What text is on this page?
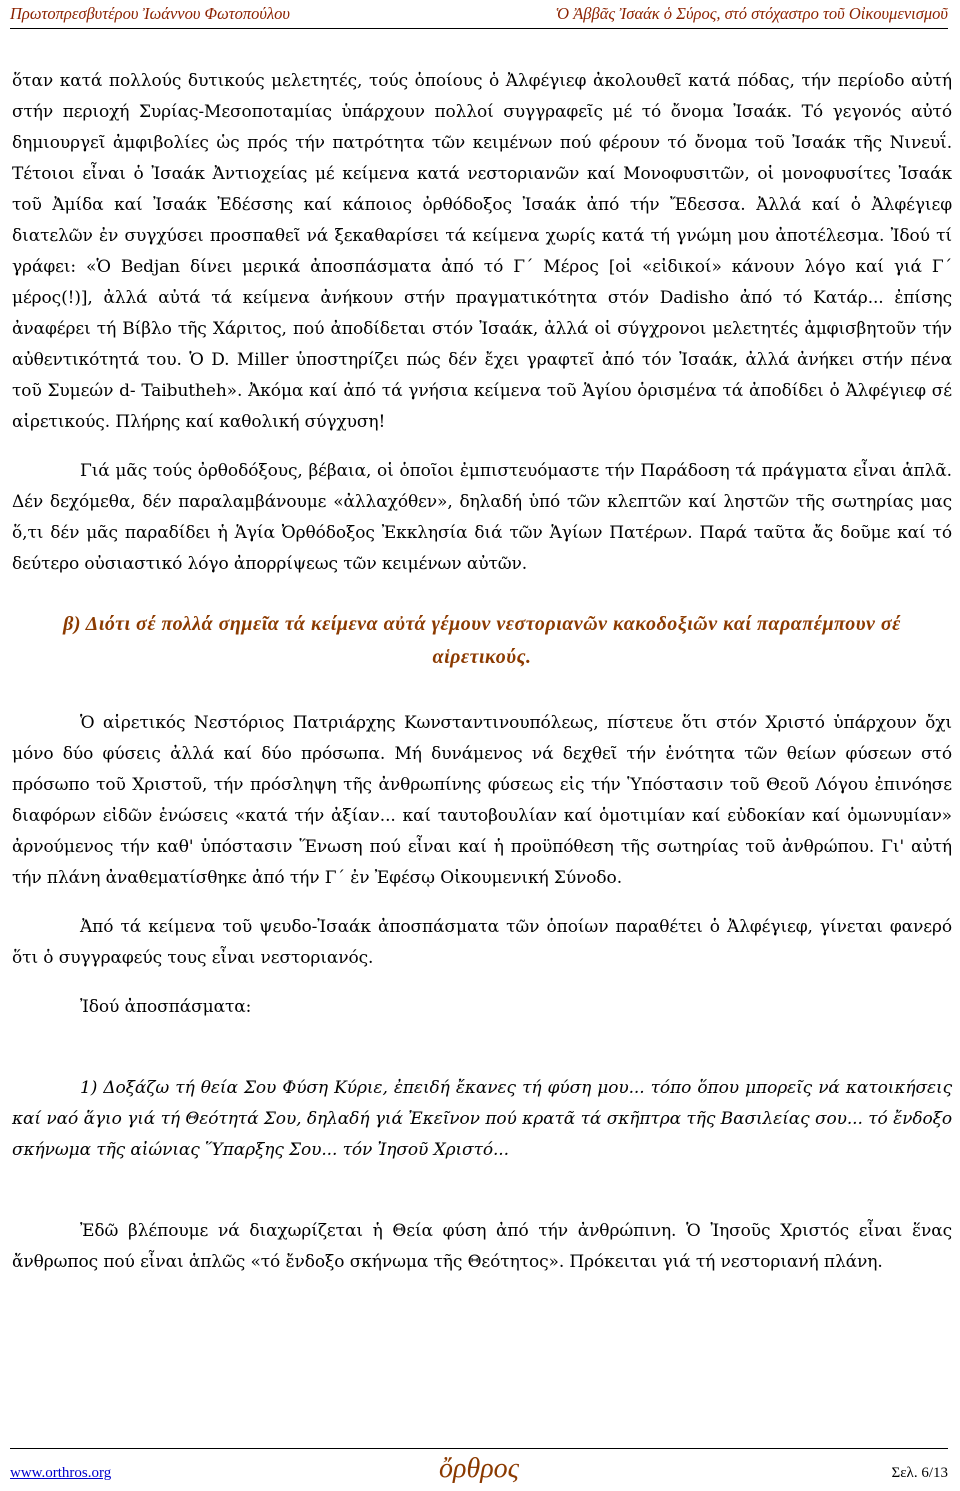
Πρωτοπρεσβυτέρου Ἰωάννου Φωτοπούλου	Ὁ Ἀββᾶς Ἰσαάκ ὁ Σύρος, στό στόχαστρο τοῦ Οἰκουμενισμοῦ

ὅταν κατά πολλούς δυτικούς μελετητές, τούς ὁποίους ὁ Ἀλφέγιεφ ἀκολουθεῖ κατά πόδας, τήν περίοδο αὐτή στήν περιοχή Συρίας-Μεσοποταμίας ὑπάρχουν πολλοί συγγραφεῖς μέ τό ὄνομα Ἰσαάκ. Τό γεγονός αὐτό δημιουργεῖ ἀμφιβολίες ὡς πρός τήν πατρότητα τῶν κειμένων πού φέρουν τό ὄνομα τοῦ Ἰσαάκ τῆς Νινευΐ. Τέτοιοι εἶναι ὁ Ἰσαάκ Ἀντιοχείας μέ κείμενα κατά νεστοριανῶν καί Μονοφυσιτῶν, οἱ μονοφυσίτες Ἰσαάκ τοῦ Ἀμίδα καί Ἰσαάκ Ἐδέσσης καί κάποιος ὀρθόδοξος Ἰσαάκ ἀπό τήν Ἔδεσσα. Ἀλλά καί ὁ Ἀλφέγιεφ διατελῶν ἐν συγχύσει προσπαθεῖ νά ξεκαθαρίσει τά κείμενα χωρίς κατά τή γνώμη μου ἀποτέλεσμα. Ἰδού τί γράφει: «Ὁ Bedjan δίνει μερικά ἀποσπάσματα ἀπό τό Γ΄ Μέρος [οἱ «εἰδικοί» κάνουν λόγο καί γιά Γ΄ μέρος(!)], ἀλλά αὐτά τά κείμενα ἀνήκουν στήν πραγματικότητα στόν Dadisho ἀπό τό Κατάρ... ἐπίσης ἀναφέρει τή Βίβλο τῆς Χάριτος, πού ἀποδίδεται στόν Ἰσαάκ, ἀλλά οἱ σύγχρονοι μελετητές ἀμφισβητοῦν τήν αὐθεντικότητά του. Ὁ D. Miller ὑποστηρίζει πώς δέν ἔχει γραφτεῖ ἀπό τόν Ἰσαάκ, ἀλλά ἀνήκει στήν πένα τοῦ Συμεών d- Taibutheh». Ἀκόμα καί ἀπό τά γνήσια κείμενα τοῦ Ἁγίου ὁρισμένα τά ἀποδίδει ὁ Ἀλφέγιεφ σέ αἱρετικούς. Πλήρης καί καθολική σύγχυση!

Γιά μᾶς τούς ὀρθοδόξους, βέβαια, οἱ ὁποῖοι ἐμπιστευόμαστε τήν Παράδοση τά πράγματα εἶναι ἁπλᾶ. Δέν δεχόμεθα, δέν παραλαμβάνουμε «ἀλλαχόθεν», δηλαδή ὑπό τῶν κλεπτῶν καί ληστῶν τῆς σωτηρίας μας ὅ,τι δέν μᾶς παραδίδει ἡ Ἁγία Ὀρθόδοξος Ἐκκλησία διά τῶν Ἁγίων Πατέρων. Παρά ταῦτα ἄς δοῦμε καί τό δεύτερο οὐσιαστικό λόγο ἀπορρίψεως τῶν κειμένων αὐτῶν.

β) Διότι σέ πολλά σημεῖα τά κείμενα αὐτά γέμουν νεστοριανῶν κακοδοξιῶν καί παραπέμπουν σέ αἱρετικούς.

Ὁ αἱρετικός Νεστόριος Πατριάρχης Κωνσταντινουπόλεως, πίστευε ὅτι στόν Χριστό ὑπάρχουν ὄχι μόνο δύο φύσεις ἀλλά καί δύο πρόσωπα. Μή δυνάμενος νά δεχθεῖ τήν ἑνότητα τῶν θείων φύσεων στό πρόσωπο τοῦ Χριστοῦ, τήν πρόσληψη τῆς ἀνθρωπίνης φύσεως εἰς τήν Ὑπόστασιν τοῦ Θεοῦ Λόγου ἐπινόησε διαφόρων εἰδῶν ἑνώσεις «κατά τήν ἀξίαν... καί ταυτοβουλίαν καί ὁμοτιμίαν καί εὐδοκίαν καί ὁμωνυμίαν» ἀρνούμενος τήν καθ' ὑπόστασιν Ἕνωση πού εἶναι καί ἡ προϋπόθεση τῆς σωτηρίας τοῦ ἀνθρώπου. Γι' αὐτή τήν πλάνη ἀναθεματίσθηκε ἀπό τήν Γ΄ ἐν Ἐφέσῳ Οἰκουμενική Σύνοδο.

Ἀπό τά κείμενα τοῦ ψευδο-Ἰσαάκ ἀποσπάσματα τῶν ὁποίων παραθέτει ὁ Ἀλφέγιεφ, γίνεται φανερό ὅτι ὁ συγγραφεύς τους εἶναι νεστοριανός.

Ἰδού ἀποσπάσματα:

1) Δοξάζω τή θεία Σου Φύση Κύριε, ἐπειδή ἔκανες τή φύση μου... τόπο ὅπου μπορεῖς νά κατοικήσεις καί ναό ἅγιο γιά τή Θεότητά Σου, δηλαδή γιά Ἐκεῖνον πού κρατᾶ τά σκῆπτρα τῆς Βασιλείας σου... τό ἔνδοξο σκήνωμα τῆς αἰώνιας Ὕπαρξης Σου... τόν Ἰησοῦ Χριστό...

Ἐδῶ βλέπουμε νά διαχωρίζεται ἡ Θεία φύση ἀπό τήν ἀνθρώπινη. Ὁ Ἰησοῦς Χριστός εἶναι ἕνας ἄνθρωπος πού εἶναι ἁπλῶς «τό ἔνδοξο σκήνωμα τῆς Θεότητος». Πρόκειται γιά τή νεστοριανή πλάνη.

www.orthros.org	ὄρθρος	Σελ. 6/13
